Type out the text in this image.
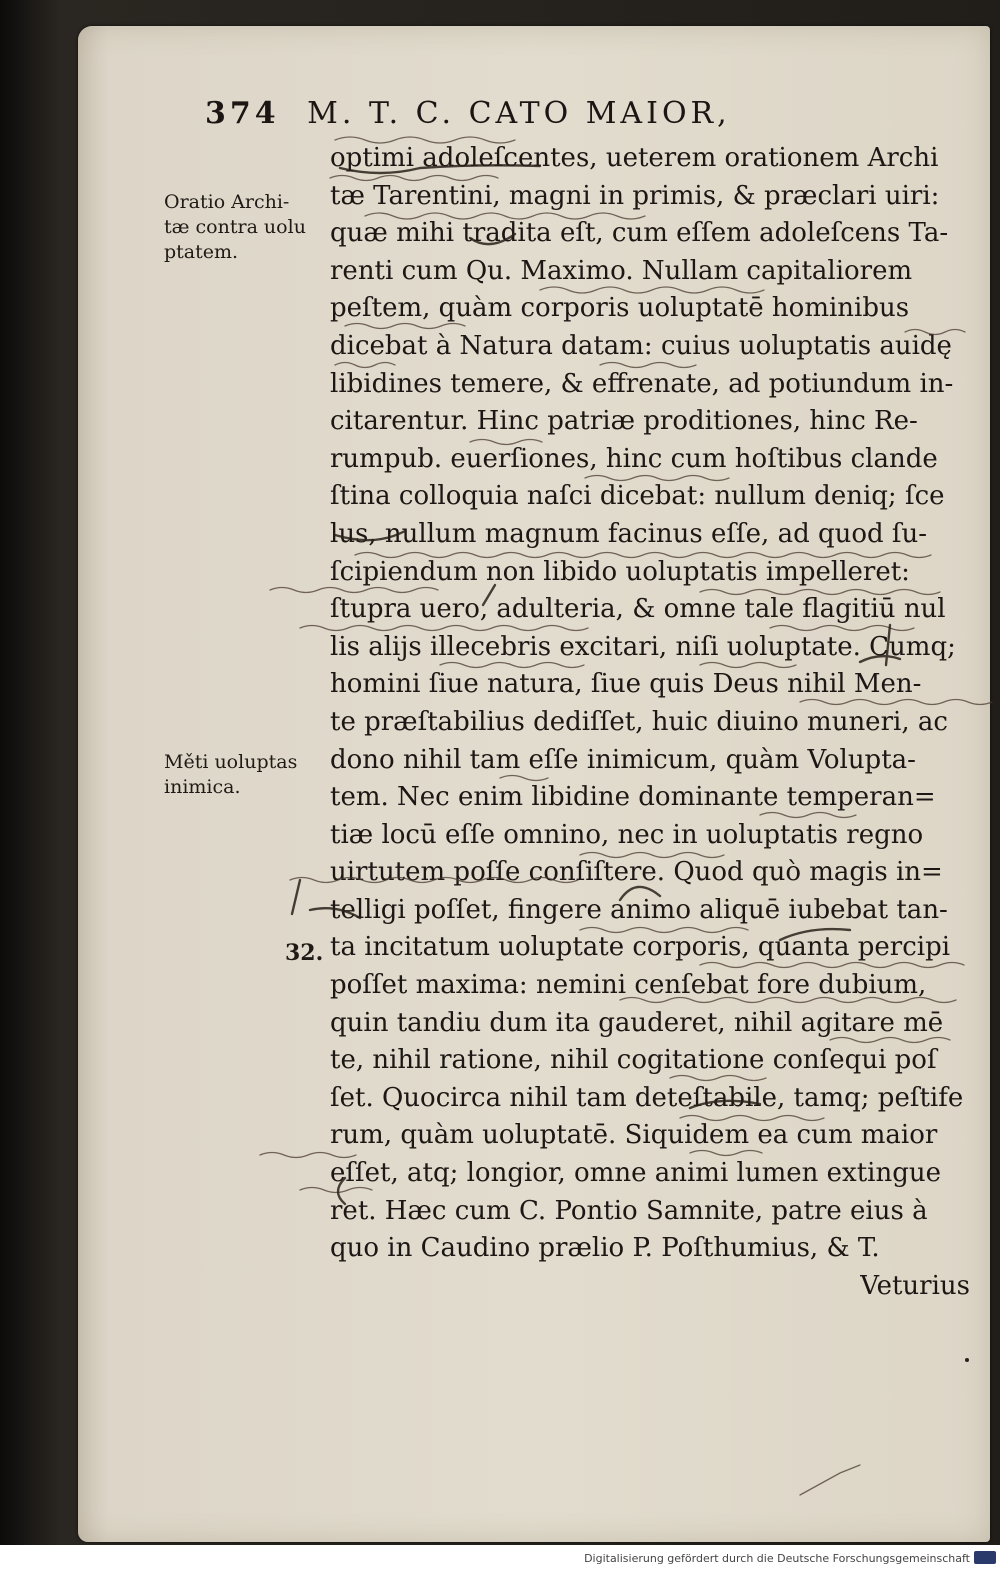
374 M. T. C. CATO MAIOR,
Oratio Archi-
tæ contra uolu
ptatem.
Měti uoluptas
inimica.
32.
optimi adoleſcentes, ueterem orationem Archi
tæ Tarentini, magni in primis, & præclari uiri:
quæ mihi tradita eſt, cum eſſem adoleſcens Ta-
renti cum Qu. Maximo. Nullam capitaliorem
peſtem, quàm corporis uoluptatē hominibus
dicebat à Natura datam: cuius uoluptatis auidę
libidines temere, & effrenate, ad potiundum in-
citarentur. Hinc patriæ proditiones, hinc Re-
rumpub. euerſiones, hinc cum hoſtibus clande
ſtina colloquia naſci dicebat: nullum deniq; ſce
lus, nullum magnum facinus eſſe, ad quod ſu-
ſcipiendum non libido uoluptatis impelleret:
ſtupra uero, adulteria, & omne tale flagitiū nul
lis alijs illecebris excitari, niſi uoluptate. Cumq;
homini ſiue natura, ſiue quis Deus nihil Men-
te præſtabilius dediſſet, huic diuino muneri, ac
dono nihil tam eſſe inimicum, quàm Volupta-
tem. Nec enim libidine dominante temperan=
tiæ locū eſſe omnino, nec in uoluptatis regno
uirtutem poſſe conſiſtere. Quod quò magis in=
telligi poſſet, fingere animo aliquē iubebat tan-
ta incitatum uoluptate corporis, quanta percipi
poſſet maxima: nemini cenſebat fore dubium,
quin tandiu dum ita gauderet, nihil agitare mē
te, nihil ratione, nihil cogitatione conſequi poſ
ſet. Quocirca nihil tam deteſtabile, tamq; peſtife
rum, quàm uoluptatē. Siquidem ea cum maior
eſſet, atq; longior, omne animi lumen extingue
ret. Hæc cum C. Pontio Samnite, patre eius à
quo in Caudino prælio P. Poſthumius, & T.
Veturius
Digitalisierung gefördert durch die Deutsche Forschungsgemeinschaft
